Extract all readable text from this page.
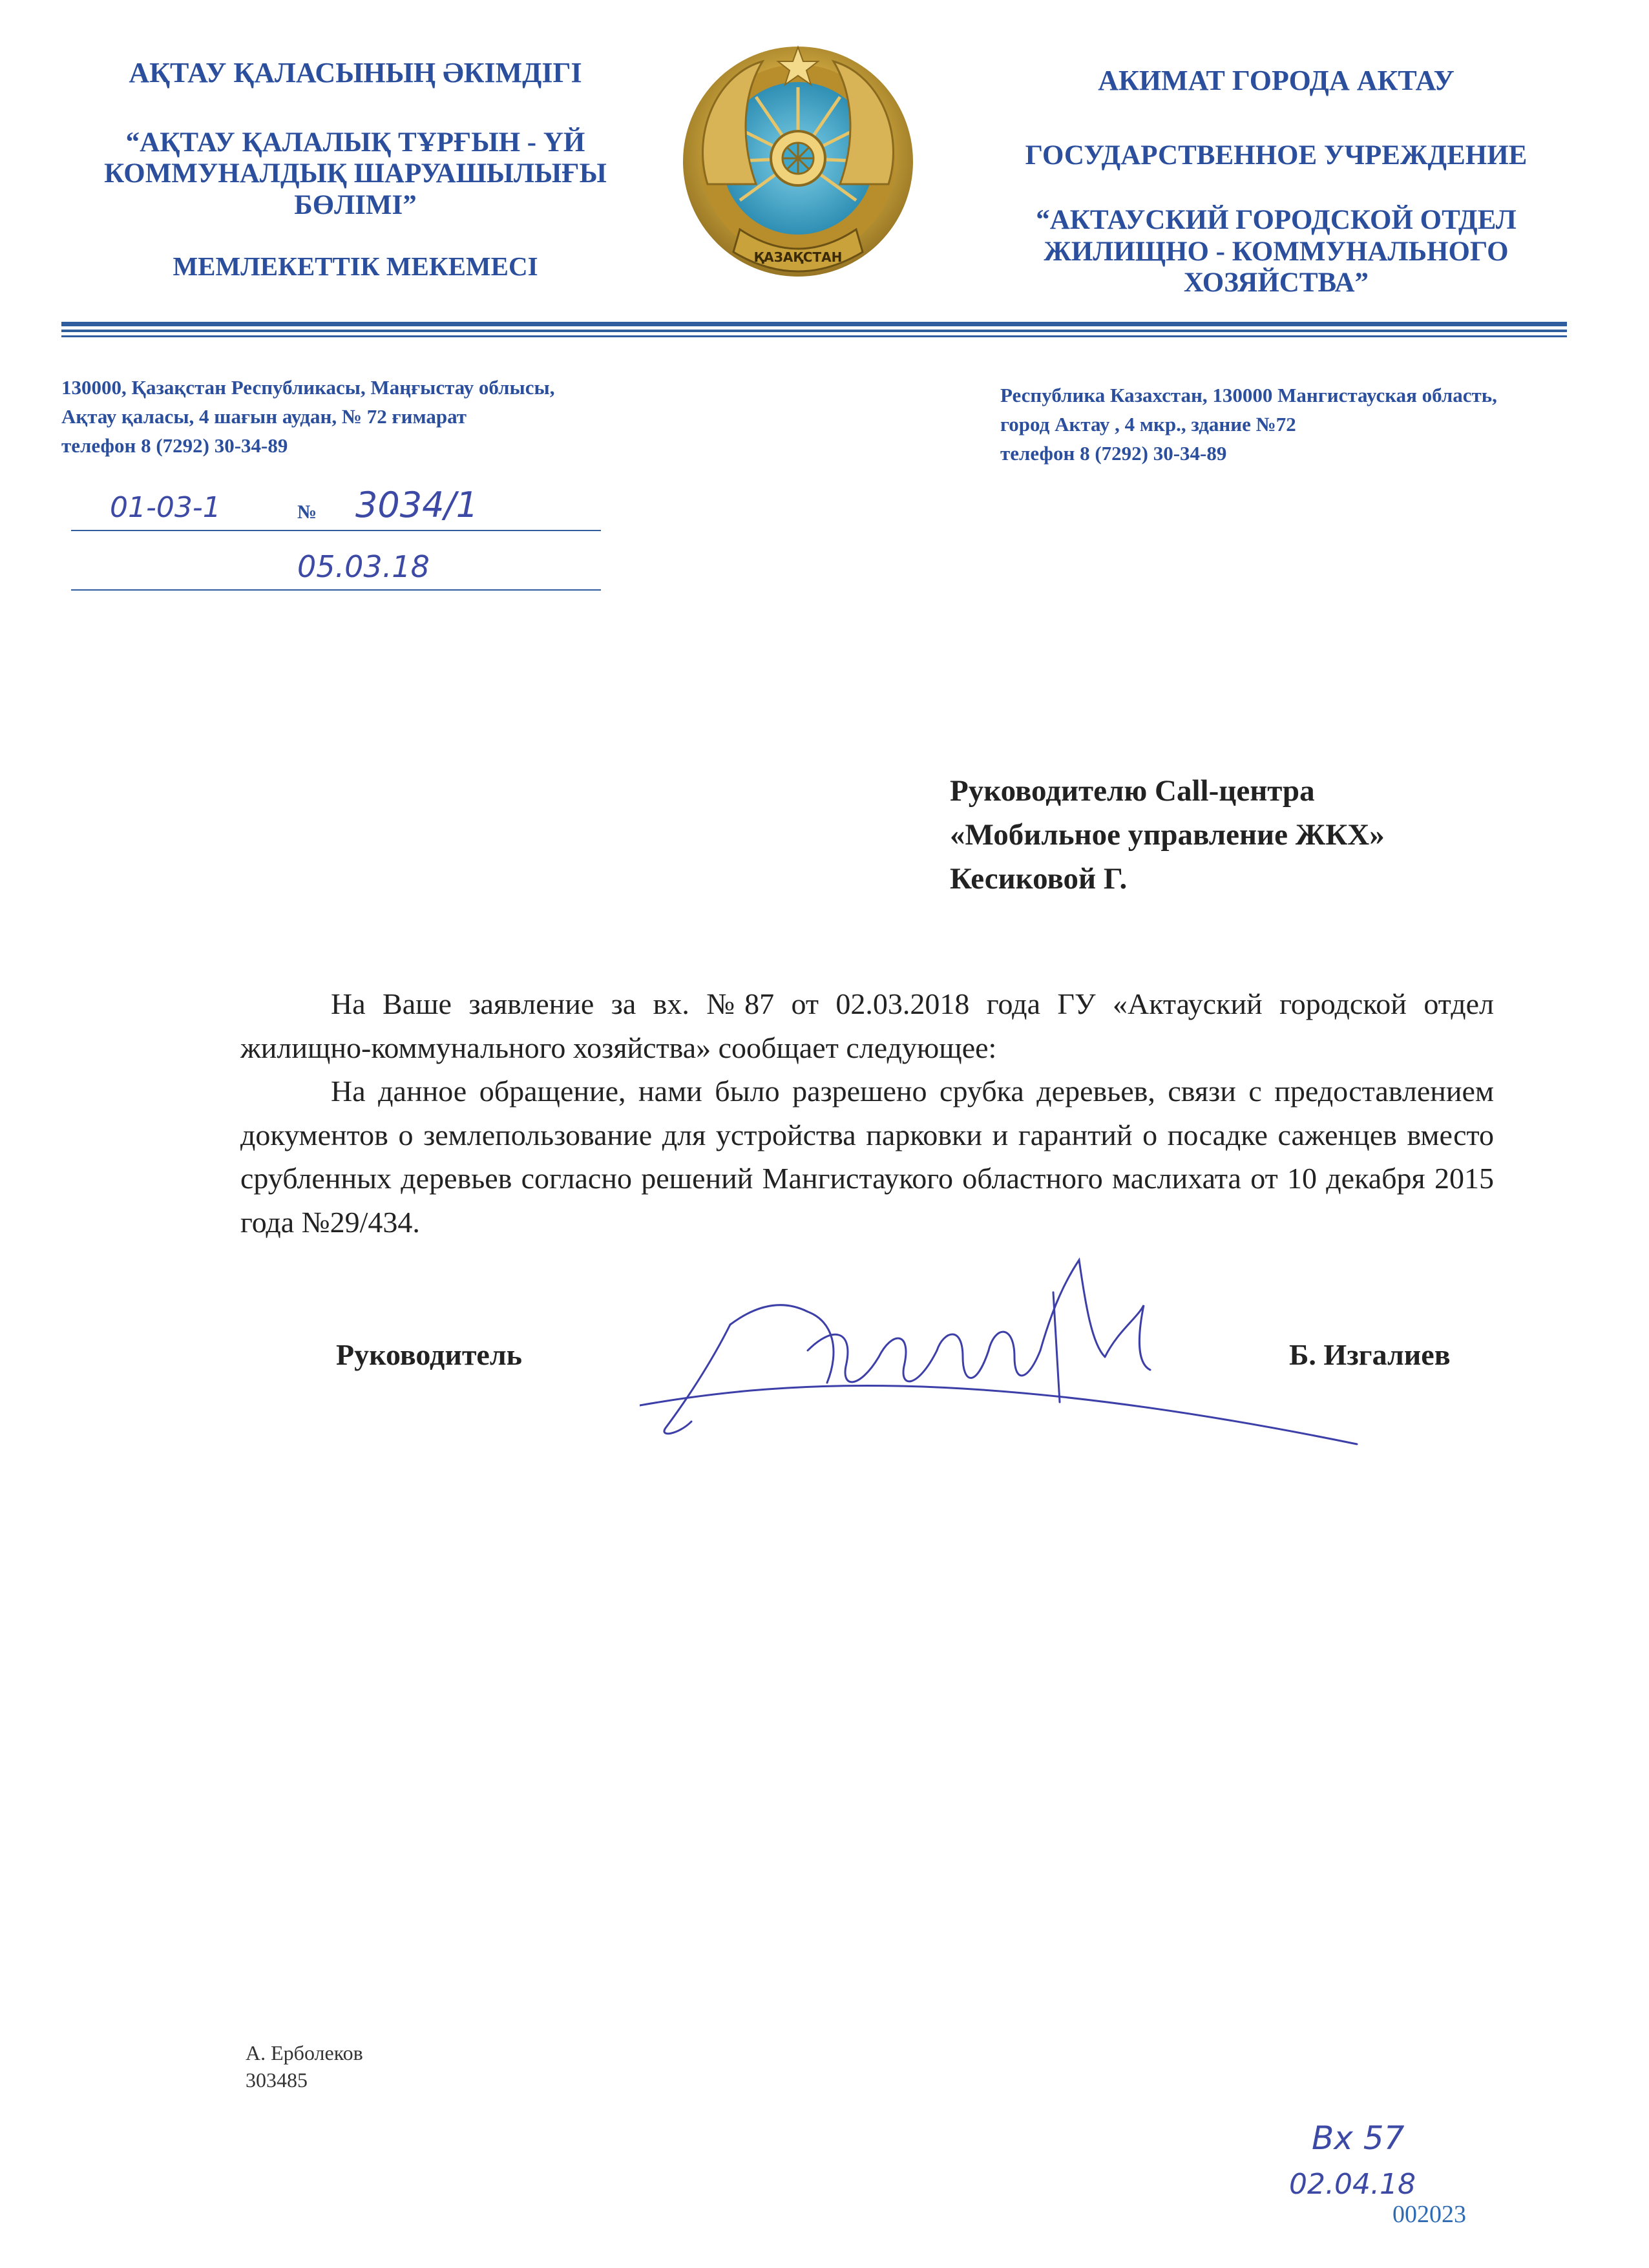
АҚТАУ ҚАЛАСЫНЫҢ ӘКІМДІГІ
“АҚТАУ ҚАЛАЛЫҚ ТҰРҒЫН - ҮЙ
КОММУНАЛДЫҚ ШАРУАШЫЛЫҒЫ
БӨЛІМІ”
МЕМЛЕКЕТТІК МЕКЕМЕСІ	ҚАЗАҚСТАН
АКИМАТ ГОРОДА АКТАУ
ГОСУДАРСТВЕННОЕ УЧРЕЖДЕНИЕ
“АКТАУСКИЙ ГОРОДСКОЙ ОТДЕЛ
ЖИЛИЩНО - КОММУНАЛЬНОГО
ХОЗЯЙСТВА”
130000, Қазақстан Республикасы, Маңғыстау облысы,
Ақтау қаласы, 4 шағын аудан, № 72 ғимарат
телефон 8 (7292) 30-34-89
Республика Казахстан, 130000 Мангистауская область,
город Актау , 4 мкр., здание №72
телефон 8 (7292) 30-34-89
01-03-1	№ 3034/1
05.03.18
Руководителю Call-центра
«Мобильное управление ЖКХ»
Кесиковой Г.

На Ваше заявление за вх. №87 от 02.03.2018 года ГУ «Актауский городской отдел жилищно-коммунального хозяйства» сообщает следующее:

На данное обращение, нами было разрешено срубка деревьев, связи с предоставлением документов о землепользование для устройства парковки и гарантий о посадке саженцев вместо срубленных деревьев согласно решений Мангистаукого областного маслихата от 10 декабря 2015 года №29/434.

Руководитель	Б. Изгалиев
А. Ерболеков
303485
Вх 57
02.04.18
002023
